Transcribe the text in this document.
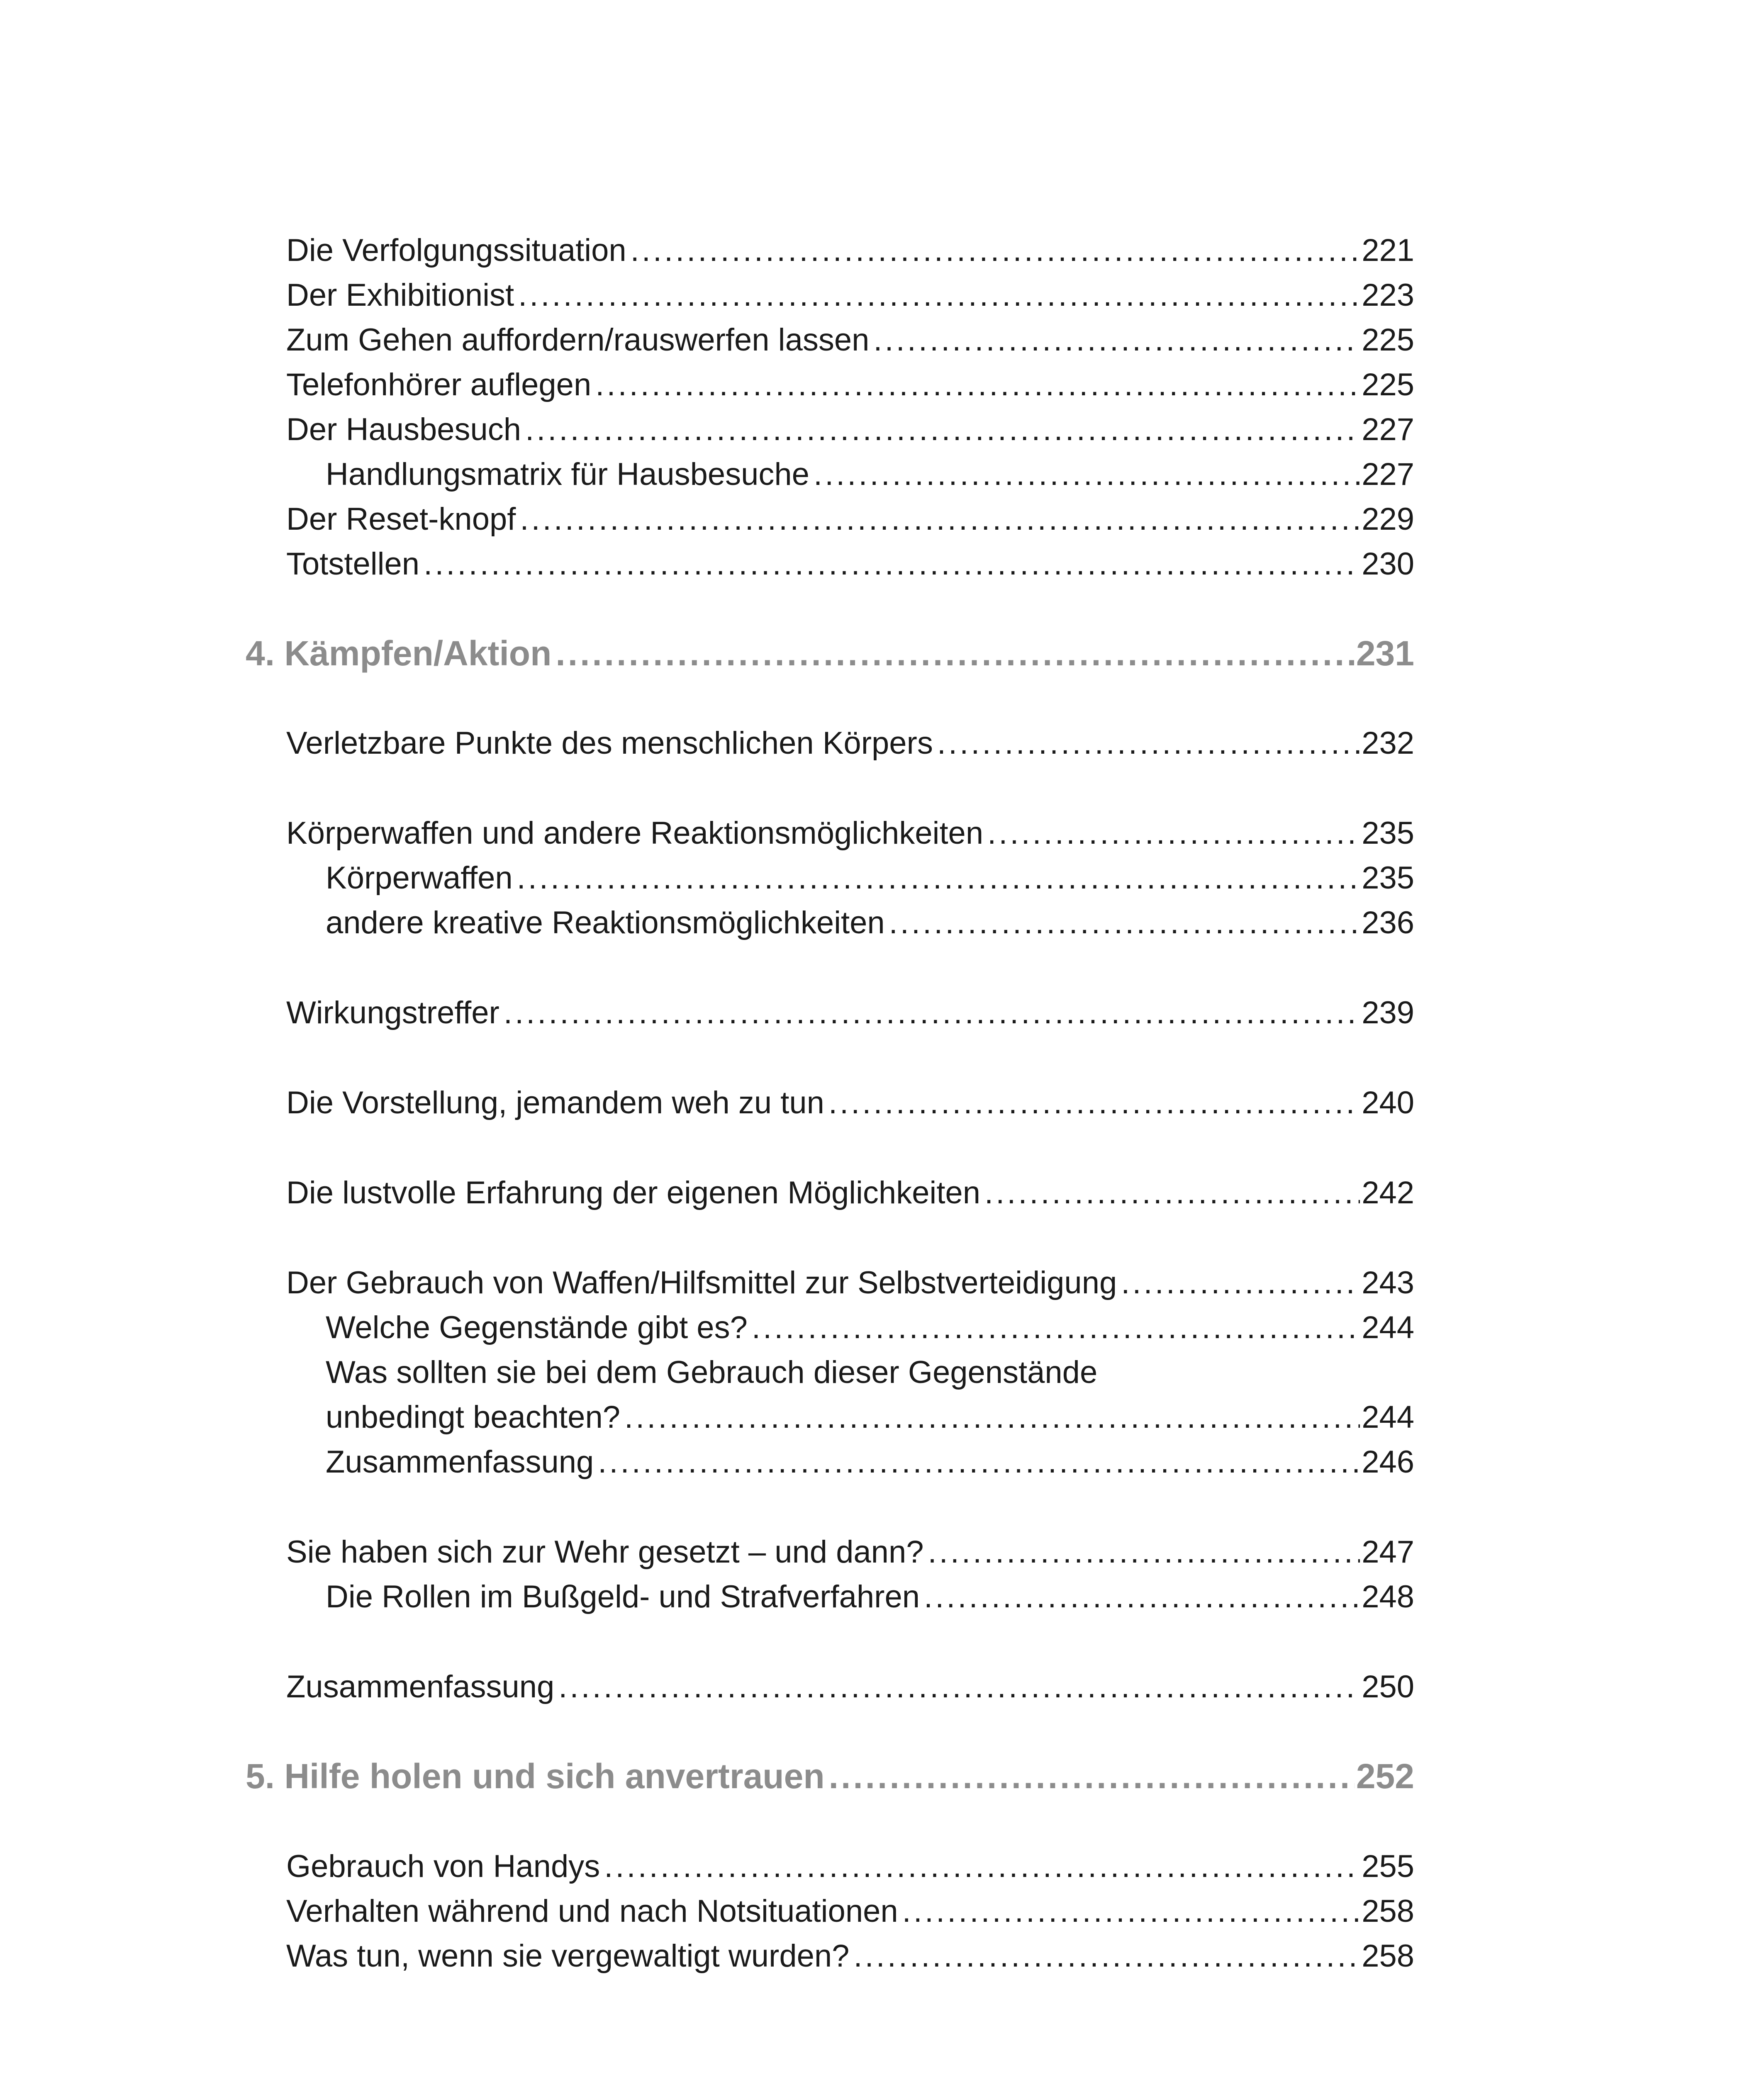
Die Verfolgungssituation .....	221
Der Exhibitionist .....	223
Zum Gehen auffordern/rauswerfen lassen .....	225
Telefonhörer auflegen .....	225
Der Hausbesuch .....	227
Handlungsmatrix für Hausbesuche .....	227
Der Reset-knopf .....	229
Totstellen .....	230
4. Kämpfen/Aktion .....	231
Verletzbare Punkte des menschlichen Körpers .....	232
Körperwaffen und andere Reaktionsmöglichkeiten .....	235
Körperwaffen .....	235
andere kreative Reaktionsmöglichkeiten .....	236
Wirkungstreffer .....	239
Die Vorstellung, jemandem weh zu tun .....	240
Die lustvolle Erfahrung der eigenen Möglichkeiten .....	242
Der Gebrauch von Waffen/Hilfsmittel zur Selbstverteidigung .....	243
Welche Gegenstände gibt es? .....	244
Was sollten sie bei dem Gebrauch dieser Gegenstände
unbedingt beachten? .....	244
Zusammenfassung .....	246
Sie haben sich zur Wehr gesetzt – und dann? .....	247
Die Rollen im Bußgeld- und Strafverfahren .....	248
Zusammenfassung .....	250
5. Hilfe holen und sich anvertrauen .....	252
Gebrauch von Handys .....	255
Verhalten während und nach Notsituationen .....	258
Was tun, wenn sie vergewaltigt wurden? .....	258
